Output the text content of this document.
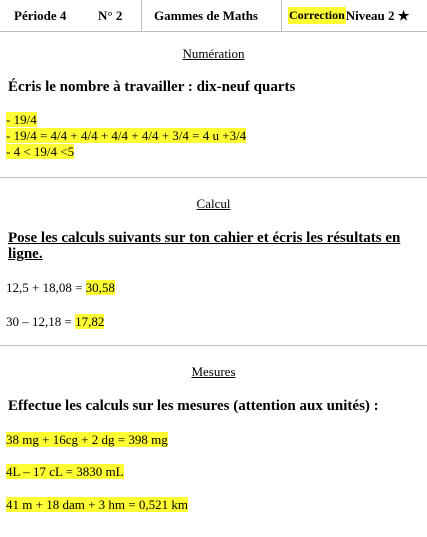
Période 4	N° 2	Gammes de Maths	Correction Niveau 2 ★
Numération
Écris le nombre à travailler : dix-neuf quarts
- 19/4
- 19/4 = 4/4 + 4/4 + 4/4 + 4/4 + 3/4 = 4 u +3/4
- 4 < 19/4 <5
Calcul
Pose les calculs suivants sur ton cahier et écris les résultats en ligne.
12,5 + 18,08 = 30,58
30 – 12,18 = 17,82
Mesures
Effectue les calculs sur les mesures (attention aux unités) :
38 mg + 16cg + 2 dg = 398 mg
4L – 17 cL = 3830 mL
41 m + 18 dam + 3 hm = 0,521 km
